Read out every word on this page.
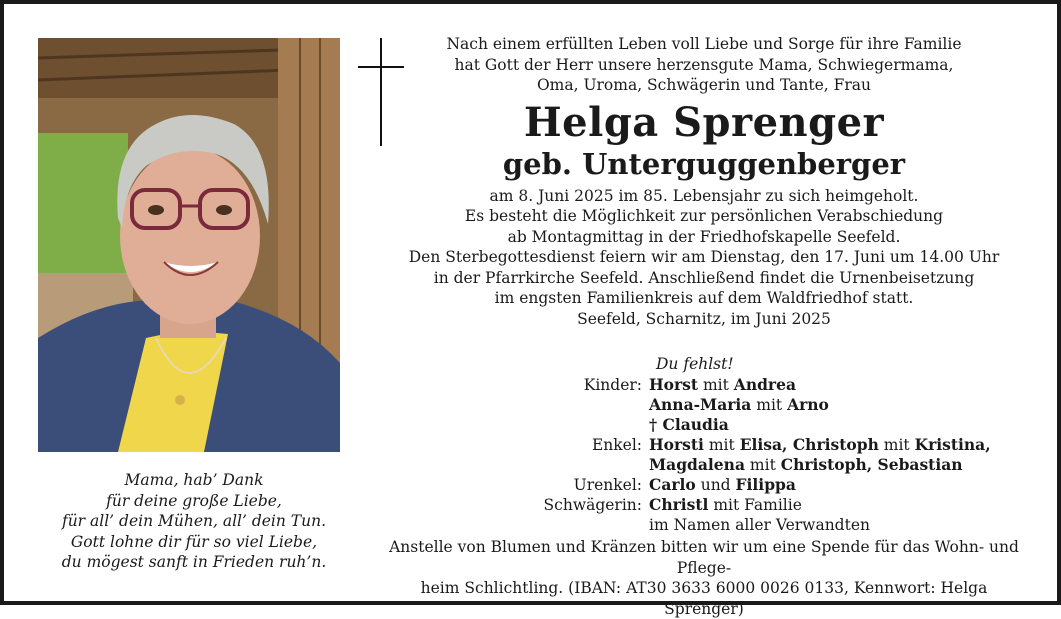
Mama, hab’ Dank
für deine große Liebe,
für all’ dein Mühen, all’ dein Tun.
Gott lohne dir für so viel Liebe,
du mögest sanft in Frieden ruh’n.

Nach einem erfüllten Leben voll Liebe und Sorge für ihre Familie

hat Gott der Herr unsere herzensgute Mama, Schwiegermama,

Oma, Uroma, Schwägerin und Tante, Frau

Helga Sprenger

geb. Unterguggenberger

am 8. Juni 2025 im 85. Lebensjahr zu sich heimgeholt.

Es besteht die Möglichkeit zur persönlichen Verabschiedung

ab Montagmittag in der Friedhofskapelle Seefeld.

Den Sterbegottesdienst feiern wir am Dienstag, den 17. Juni um 14.00 Uhr

in der Pfarrkirche Seefeld. Anschließend findet die Urnenbeisetzung

im engsten Familienkreis auf dem Waldfriedhof statt.

Seefeld, Scharnitz, im Juni 2025

Du fehlst!
Kinder: Horst mit Andrea
Anna-Maria mit Arno
† Claudia
Enkel: Horsti mit Elisa, Christoph mit Kristina,
Magdalena mit Christoph, Sebastian
Urenkel: Carlo und Filippa
Schwägerin: Christl mit Familie
im Namen aller Verwandten

Anstelle von Blumen und Kränzen bitten wir um eine Spende für das Wohn- und Pflege-

heim Schlichtling. (IBAN: AT30 3633 6000 0026 0133, Kennwort: Helga Sprenger)
